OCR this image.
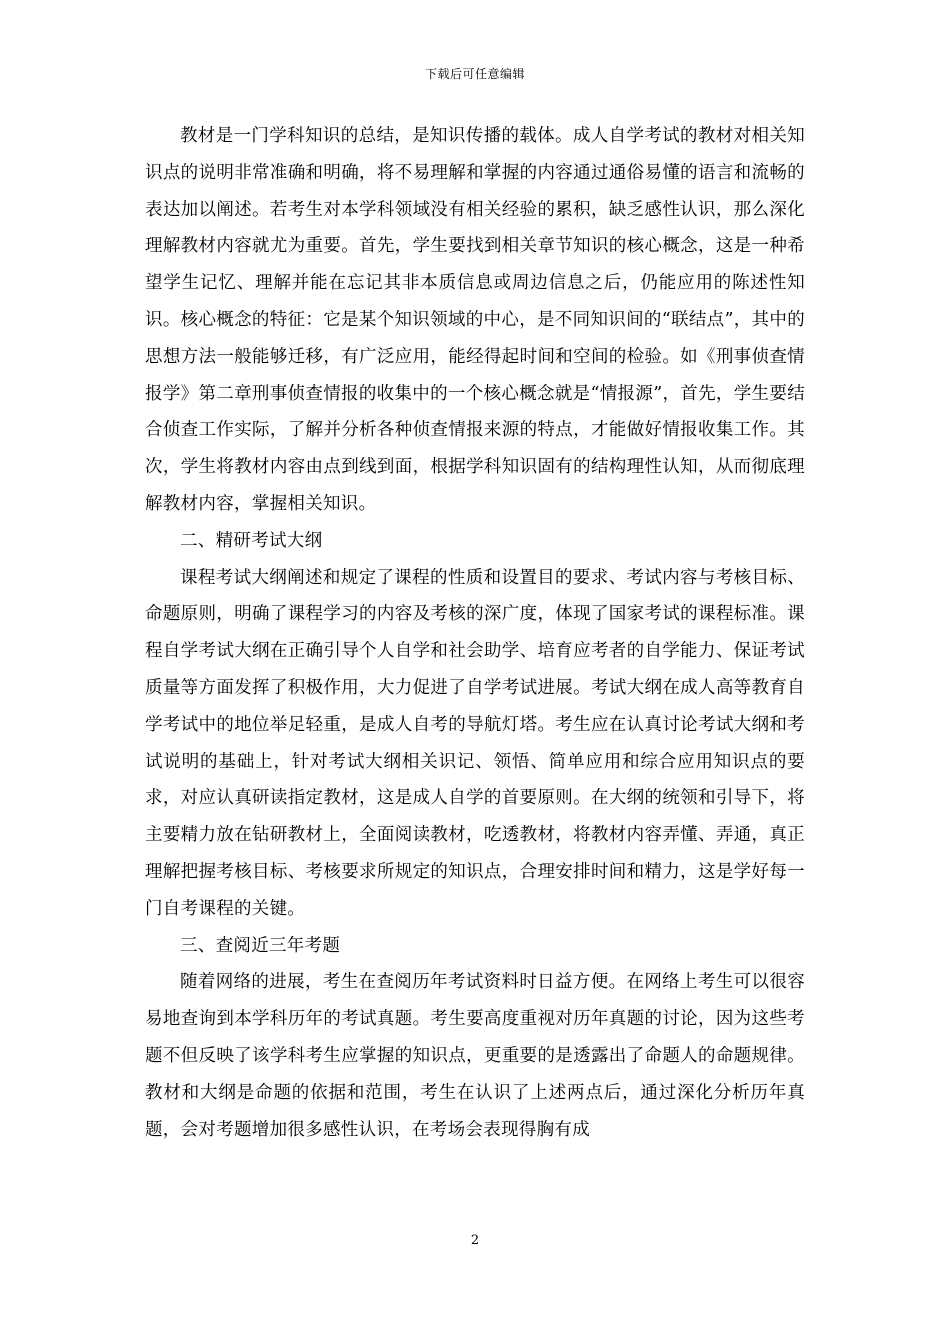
下载后可任意编辑

教材是一门学科知识的总结，是知识传播的载体。成人自学考试的教材对相关知识点的说明非常准确和明确，将不易理解和掌握的内容通过通俗易懂的语言和流畅的表达加以阐述。若考生对本学科领域没有相关经验的累积，缺乏感性认识，那么深化理解教材内容就尤为重要。首先，学生要找到相关章节知识的核心概念，这是一种希望学生记忆、理解并能在忘记其非本质信息或周边信息之后，仍能应用的陈述性知识。核心概念的特征：它是某个知识领域的中心，是不同知识间的“联结点”，其中的思想方法一般能够迁移，有广泛应用，能经得起时间和空间的检验。如《刑事侦查情报学》第二章刑事侦查情报的收集中的一个核心概念就是“情报源”，首先，学生要结合侦查工作实际，了解并分析各种侦查情报来源的特点，才能做好情报收集工作。其次，学生将教材内容由点到线到面，根据学科知识固有的结构理性认知，从而彻底理解教材内容，掌握相关知识。

二、精研考试大纲

课程考试大纲阐述和规定了课程的性质和设置目的要求、考试内容与考核目标、命题原则，明确了课程学习的内容及考核的深广度，体现了国家考试的课程标准。课程自学考试大纲在正确引导个人自学和社会助学、培育应考者的自学能力、保证考试质量等方面发挥了积极作用，大力促进了自学考试进展。考试大纲在成人高等教育自学考试中的地位举足轻重，是成人自考的导航灯塔。考生应在认真讨论考试大纲和考试说明的基础上，针对考试大纲相关识记、领悟、简单应用和综合应用知识点的要求，对应认真研读指定教材，这是成人自学的首要原则。在大纲的统领和引导下，将主要精力放在钻研教材上，全面阅读教材，吃透教材，将教材内容弄懂、弄通，真正理解把握考核目标、考核要求所规定的知识点，合理安排时间和精力，这是学好每一门自考课程的关键。

三、查阅近三年考题

随着网络的进展，考生在查阅历年考试资料时日益方便。在网络上考生可以很容易地查询到本学科历年的考试真题。考生要高度重视对历年真题的讨论，因为这些考题不但反映了该学科考生应掌握的知识点，更重要的是透露出了命题人的命题规律。教材和大纲是命题的依据和范围，考生在认识了上述两点后，通过深化分析历年真题，会对考题增加很多感性认识，在考场会表现得胸有成

2
